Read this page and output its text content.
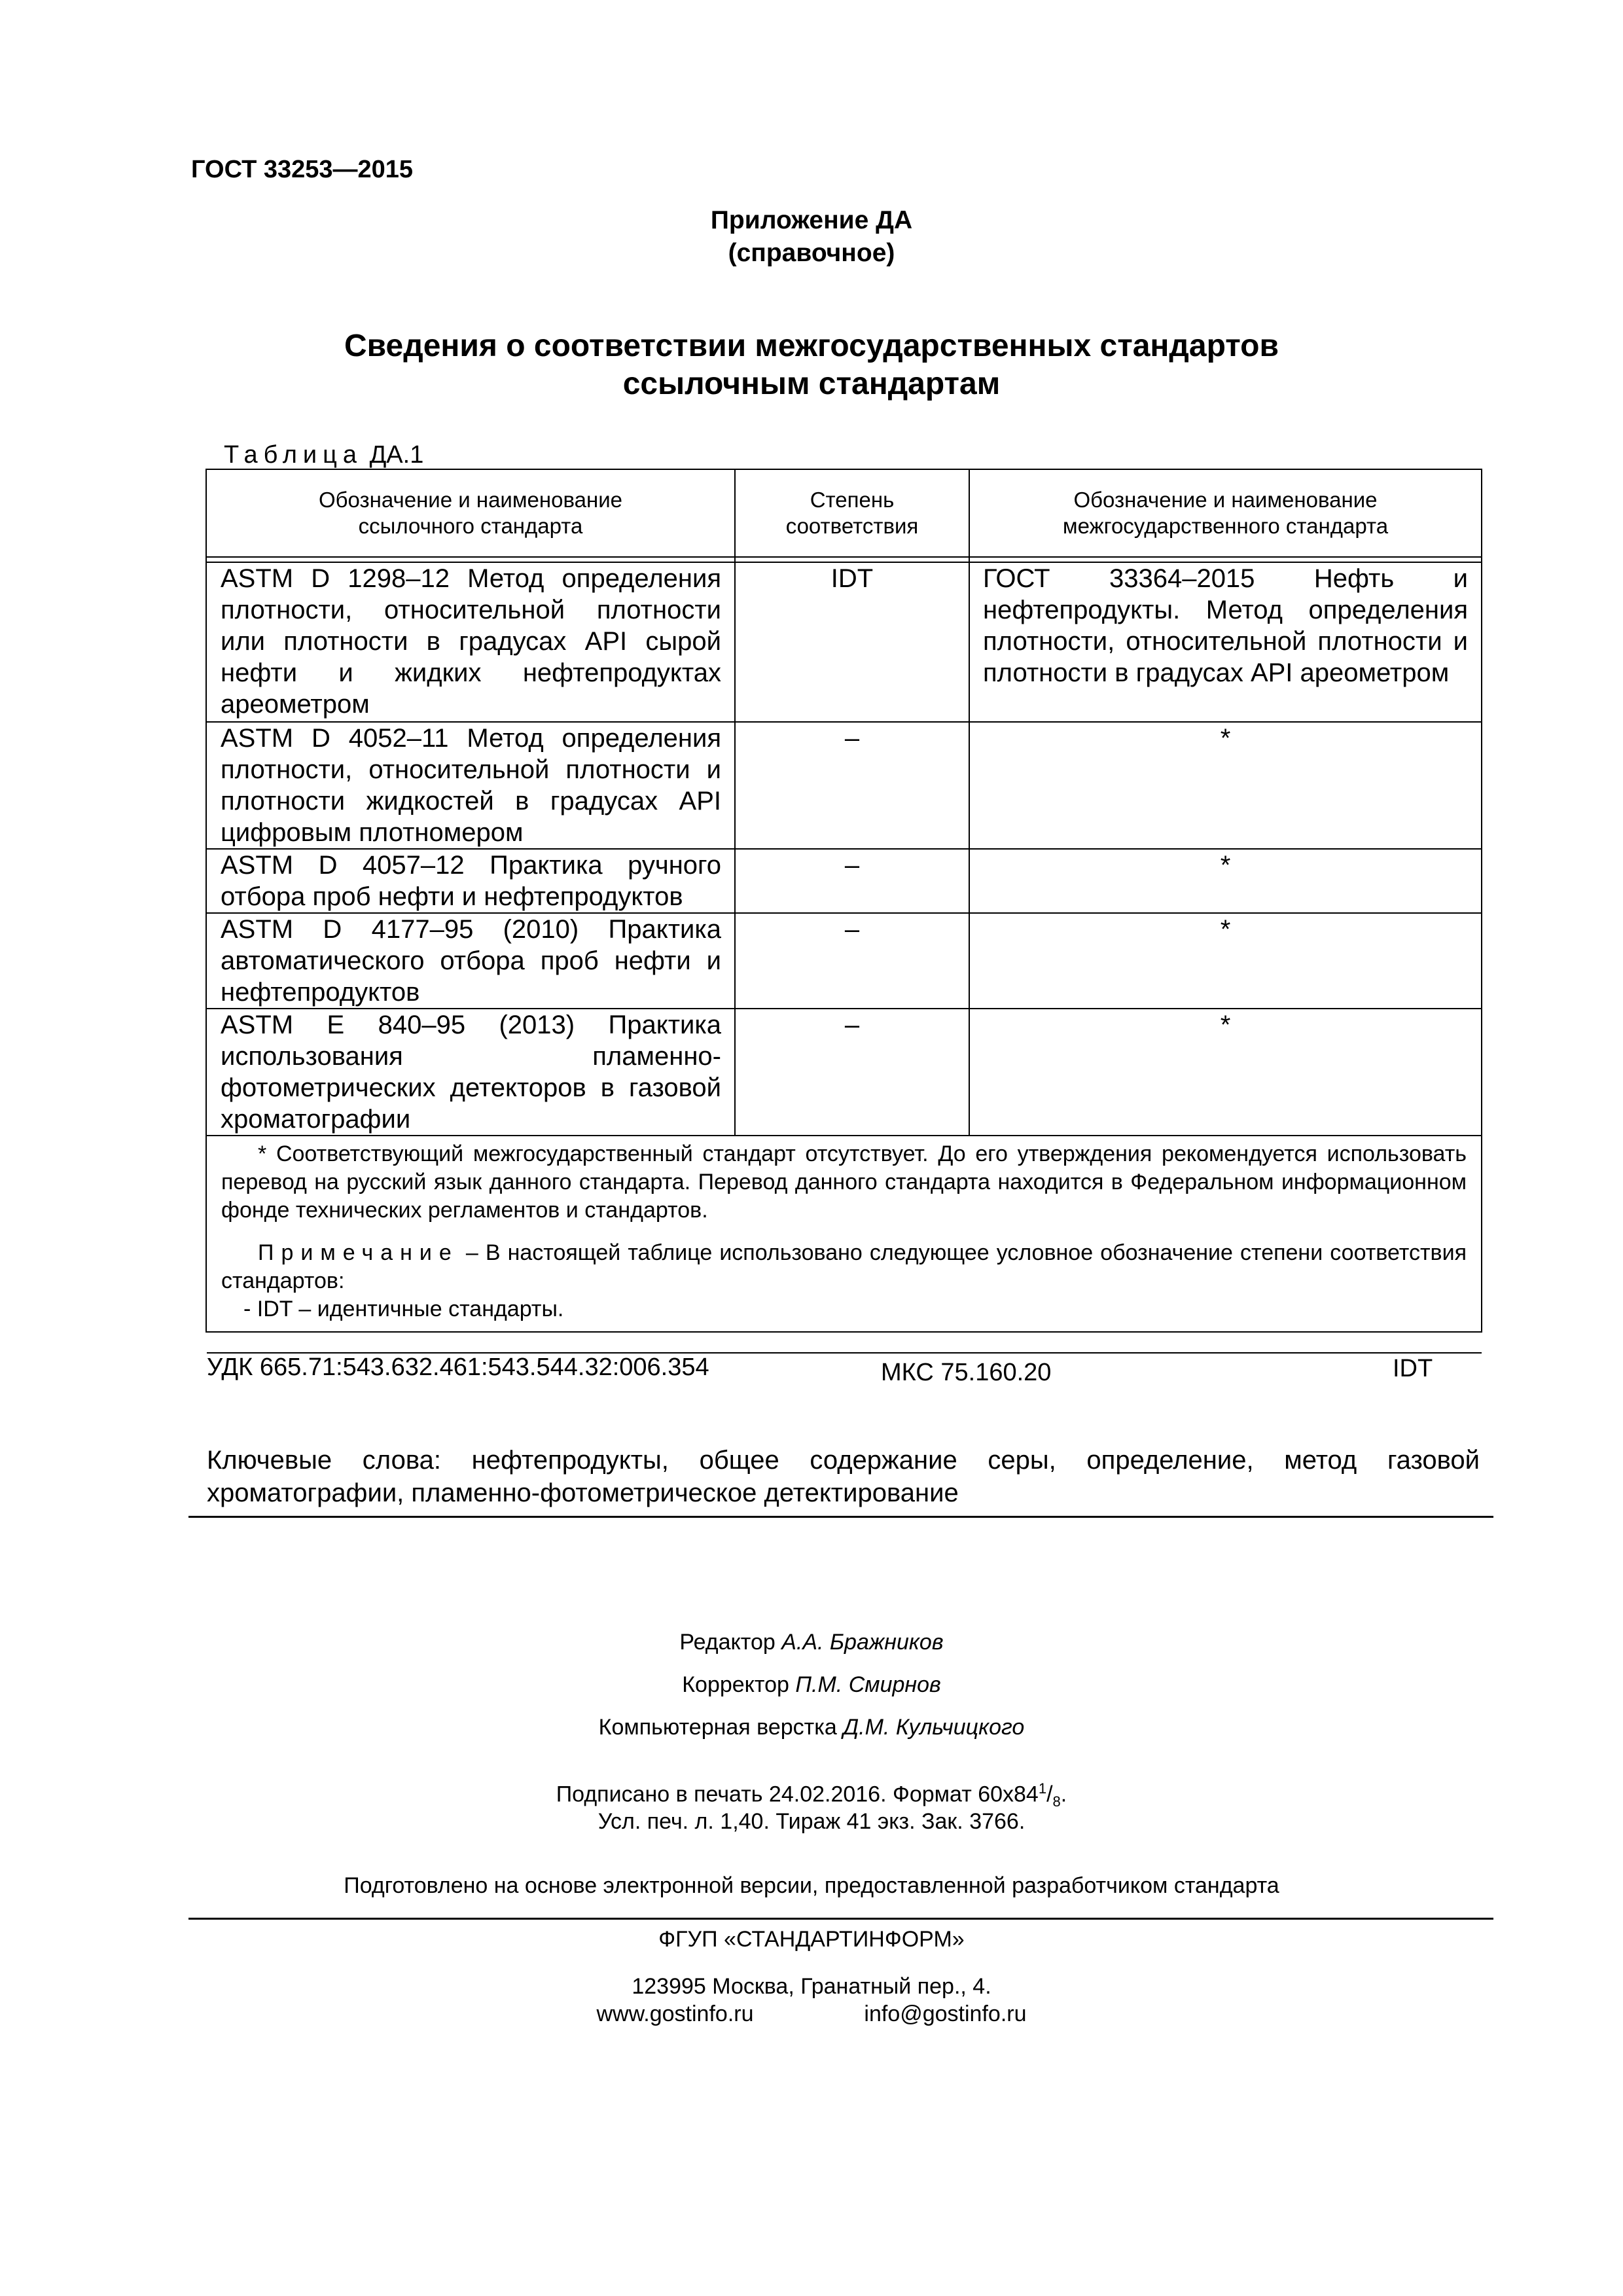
ГОСТ 33253—2015
Приложение ДА
(справочное)
Сведения о соответствии межгосударственных стандартов
ссылочным стандартам
Таблица ДА.1
Обозначение и наименование ссылочного стандарта	Степень соответствия	Обозначение и наименование межгосударственного стандарта

ASTM D 1298–12 Метод определения плотности, относительной плотности или плотности в градусах API сырой нефти и жидких нефтепродуктах ареометром	IDT	ГОСТ 33364–2015 Нефть и нефтепродукты. Метод определения плотности, относительной плотности и плотности в градусах API ареометром
ASTM D 4052–11 Метод определения плотности, относительной плотности и плотности жидкостей в градусах API цифровым плотномером	–	*
ASTM D 4057–12 Практика ручного отбора проб нефти и нефтепродуктов	–	*
ASTM D 4177–95 (2010) Практика автоматического отбора проб нефти и нефтепродуктов	–	*
ASTM E 840–95 (2013) Практика использования пламенно-фотометрических детекторов в газовой хроматографии	–	*

* Соответствующий межгосударственный стандарт отсутствует. До его утверждения рекомендуется использовать перевод на русский язык данного стандарта. Перевод данного стандарта находится в Федеральном информационном фонде технических регламентов и стандартов.

Примечание – В настоящей таблице использовано следующее условное обозначение степени соответствия стандартов:

- IDT – идентичные стандарты.		

УДК 665.71:543.632.461:543.544.32:006.354	МКС 75.160.20	IDT
Ключевые слова: нефтепродукты, общее содержание серы, определение, метод газовой хроматографии, пламенно-фотометрическое детектирование
Редактор А.А. Бражников
Корректор П.М. Смирнов
Компьютерная верстка Д.М. Кульчицкого
Подписано в печать 24.02.2016. Формат $60х84^1/_8$.
Усл. печ. л. 1,40. Тираж 41 экз. Зак. 3766.
Подготовлено на основе электронной версии, предоставленной разработчиком стандарта
ФГУП «СТАНДАРТИНФОРМ»
123995 Москва, Гранатный пер., 4.
www.gostinfo.ru	info@gostinfo.ru
